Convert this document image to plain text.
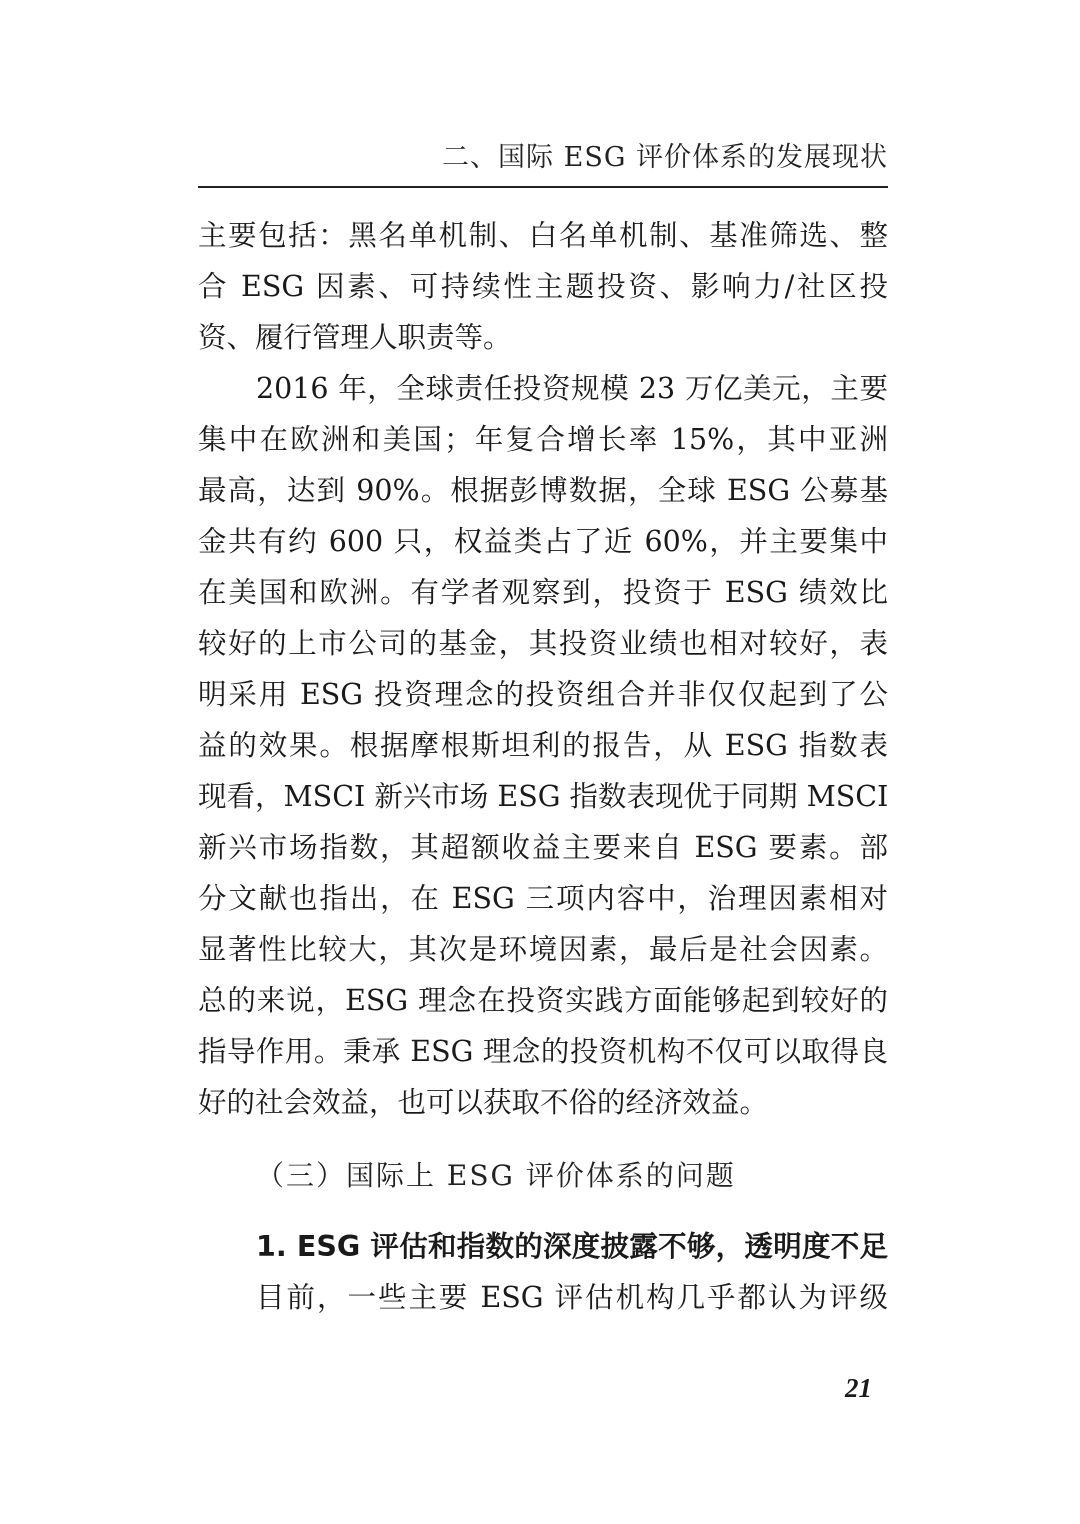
二、国际 ESG 评价体系的发展现状
主要包括：黑名单机制、白名单机制、基准筛选、整
合 ESG 因素、可持续性主题投资、影响力/社区投
资、履行管理人职责等。
2016 年，全球责任投资规模 23 万亿美元，主要
集中在欧洲和美国；年复合增长率 15%，其中亚洲
最高，达到 90%。根据彭博数据，全球 ESG 公募基
金共有约 600 只，权益类占了近 60%，并主要集中
在美国和欧洲。有学者观察到，投资于 ESG 绩效比
较好的上市公司的基金，其投资业绩也相对较好，表
明采用 ESG 投资理念的投资组合并非仅仅起到了公
益的效果。根据摩根斯坦利的报告，从 ESG 指数表
现看，MSCI 新兴市场 ESG 指数表现优于同期 MSCI
新兴市场指数，其超额收益主要来自 ESG 要素。部
分文献也指出，在 ESG 三项内容中，治理因素相对
显著性比较大，其次是环境因素，最后是社会因素。
总的来说，ESG 理念在投资实践方面能够起到较好的
指导作用。秉承 ESG 理念的投资机构不仅可以取得良
好的社会效益，也可以获取不俗的经济效益。
（三）国际上 ESG 评价体系的问题
1. ESG 评估和指数的深度披露不够，透明度不足
目前，一些主要 ESG 评估机构几乎都认为评级
21
